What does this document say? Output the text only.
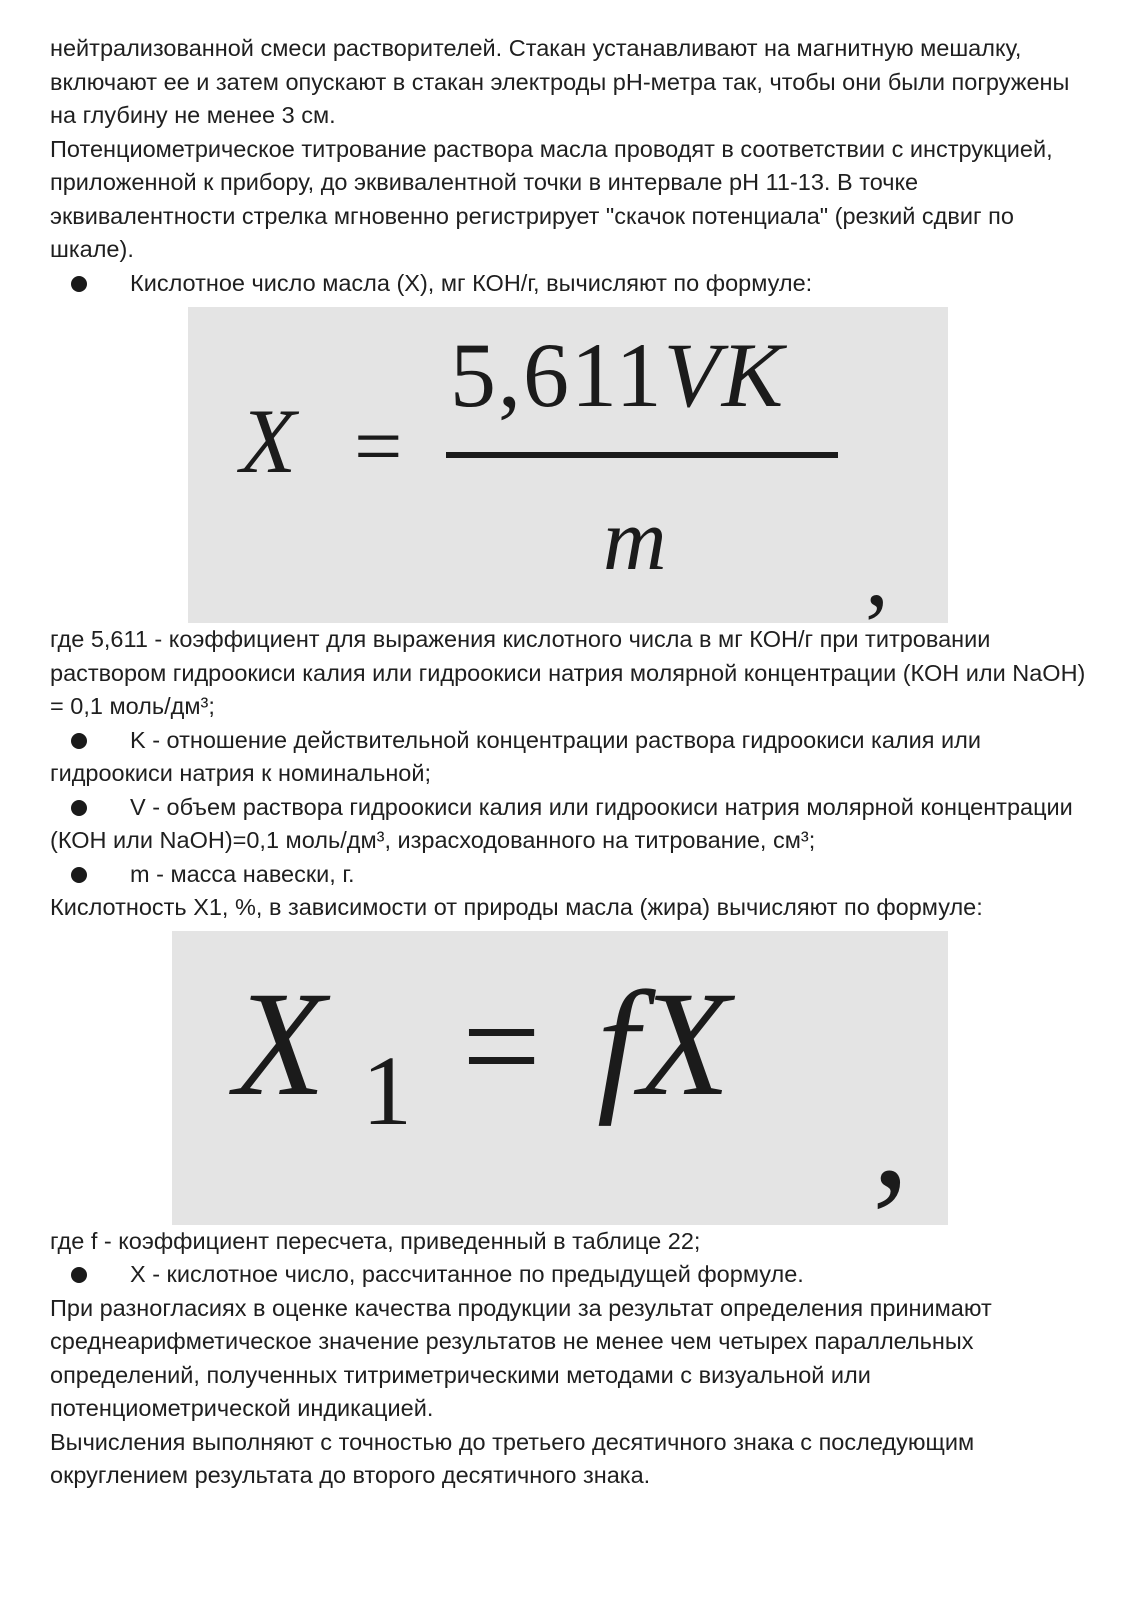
нейтрализованной смеси растворителей. Стакан устанавливают на магнитную мешалку, включают ее и затем опускают в стакан электроды pH-метра так, чтобы они были погружены на глубину не менее 3 см.

Потенциометрическое титрование раствора масла проводят в соответствии с инструкцией, приложенной к прибору, до эквивалентной точки в интервале pH 11-13. В точке эквивалентности стрелка мгновенно регистрирует "скачок потенциала" (резкий сдвиг по шкале).

Кислотное число масла (X), мг КОН/г, вычисляют по формуле:

X =
5,611VK
m ,

где 5,611 - коэффициент для выражения кислотного числа в мг КОН/г при титровании раствором гидроокиси калия или гидроокиси натрия молярной концентрации (КОН или NaOH) = 0,1 моль/дм³;

K - отношение действительной концентрации раствора гидроокиси калия или гидроокиси натрия к номинальной;

V - объем раствора гидроокиси калия или гидроокиси натрия молярной концентрации (КОН или NaOH)=0,1 моль/дм³, израсходованного на титрование, см³;

m - масса навески, г.

Кислотность X1, %, в зависимости от природы масла (жира) вычисляют по формуле:

X 1 = fX
,

где f - коэффициент пересчета, приведенный в таблице 22;

X - кислотное число, рассчитанное по предыдущей формуле.

При разногласиях в оценке качества продукции за результат определения принимают среднеарифметическое значение результатов не менее чем четырех параллельных определений, полученных титриметрическими методами с визуальной или потенциометрической индикацией.

Вычисления выполняют с точностью до третьего десятичного знака с последующим округлением результата до второго десятичного знака.
